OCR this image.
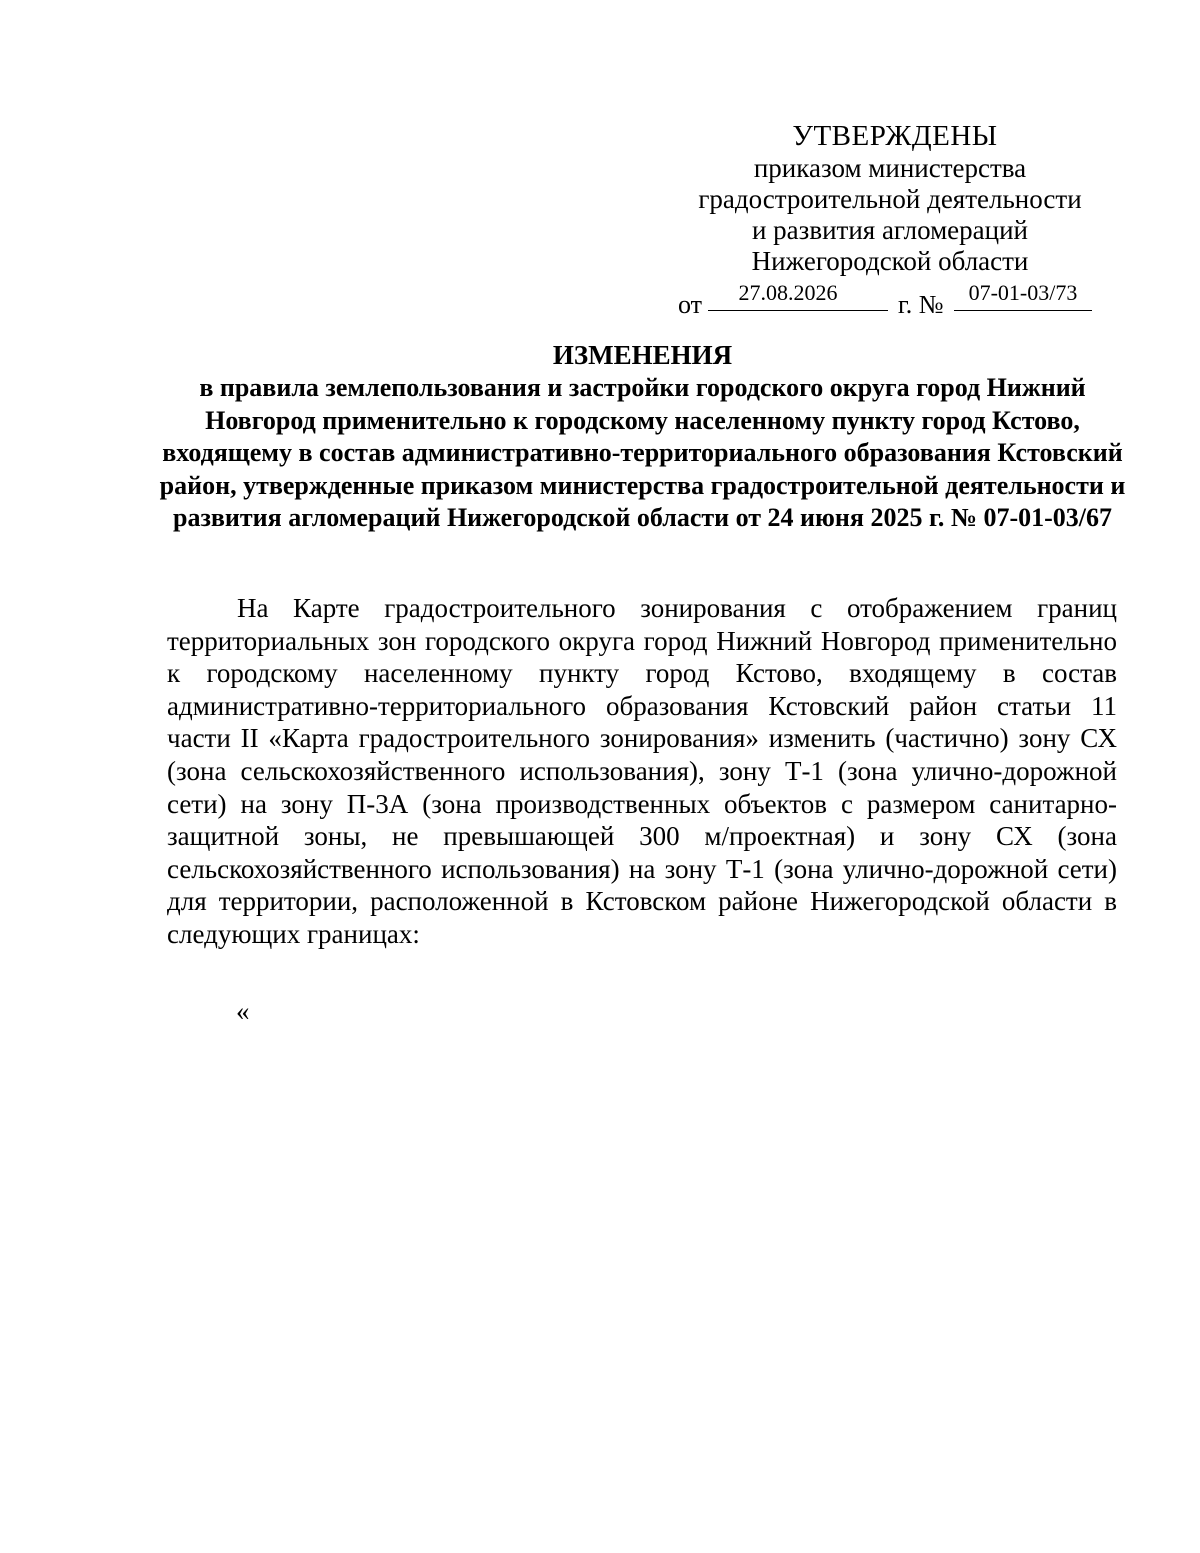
УТВЕРЖДЕНЫ
приказом министерства
градостроительной деятельности
и развития агломераций
Нижегородской области
от	27.08.2026	г. №	07-01-03/73
ИЗМЕНЕНИЯ
в правила землепользования и застройки городского округа город Нижний Новгород применительно к городскому населенному пункту город Кстово, входящему в состав административно-территориального образования Кстовский район, утвержденные приказом министерства градостроительной деятельности и развития агломераций Нижегородской области от 24 июня 2025 г. № 07-01-03/67

На Карте градостроительного зонирования с отображением границ территориальных зон городского округа город Нижний Новгород применительно к городскому населенному пункту город Кстово, входящему в состав административно-территориального образования Кстовский район статьи 11 части II «Карта градостроительного зонирования» изменить (частично) зону СХ (зона сельскохозяйственного использования), зону Т-1 (зона улично-дорожной сети) на зону П-3А (зона производственных объектов с размером санитарно-защитной зоны, не превышающей 300 м/проектная) и зону СХ (зона сельскохозяйственного использования) на зону Т-1 (зона улично-дорожной сети) для территории, расположенной в Кстовском районе Нижегородской области в следующих границах:

«
